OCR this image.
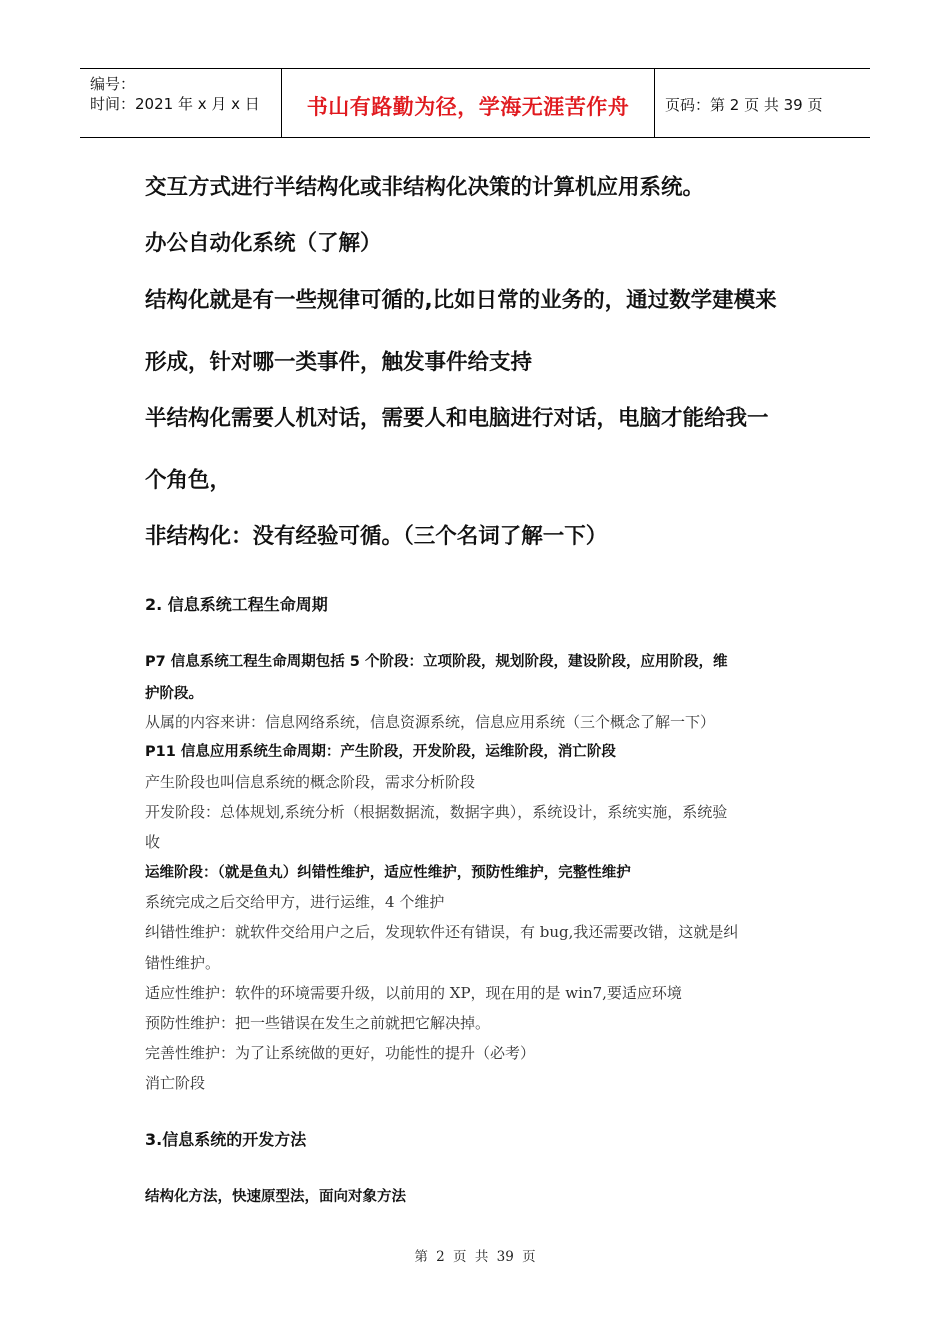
编号：
时间：2021 年 x 月 x 日	书山有路勤为径，学海无涯苦作舟	页码：第 2 页 共 39 页
交互方式进行半结构化或非结构化决策的计算机应用系统。
办公自动化系统（了解）
结构化就是有一些规律可循的,比如日常的业务的，通过数学建模来
形成，针对哪一类事件，触发事件给支持
半结构化需要人机对话，需要人和电脑进行对话，电脑才能给我一
个角色，
非结构化：没有经验可循。（三个名词了解一下）
2. 信息系统工程生命周期
P7 信息系统工程生命周期包括 5 个阶段：立项阶段，规划阶段，建设阶段，应用阶段，维
护阶段。
从属的内容来讲：信息网络系统，信息资源系统，信息应用系统（三个概念了解一下）
P11 信息应用系统生命周期：产生阶段，开发阶段，运维阶段，消亡阶段
产生阶段也叫信息系统的概念阶段，需求分析阶段
开发阶段：总体规划,系统分析（根据数据流，数据字典），系统设计，系统实施，系统验
收
运维阶段：（就是鱼丸）纠错性维护，适应性维护，预防性维护，完整性维护
系统完成之后交给甲方，进行运维，4 个维护
纠错性维护：就软件交给用户之后，发现软件还有错误，有 bug,我还需要改错，这就是纠
错性维护。
适应性维护：软件的环境需要升级，以前用的 XP，现在用的是 win7,要适应环境
预防性维护：把一些错误在发生之前就把它解决掉。
完善性维护：为了让系统做的更好，功能性的提升（必考）
消亡阶段
3.信息系统的开发方法
结构化方法，快速原型法，面向对象方法
第 2 页 共 39 页
